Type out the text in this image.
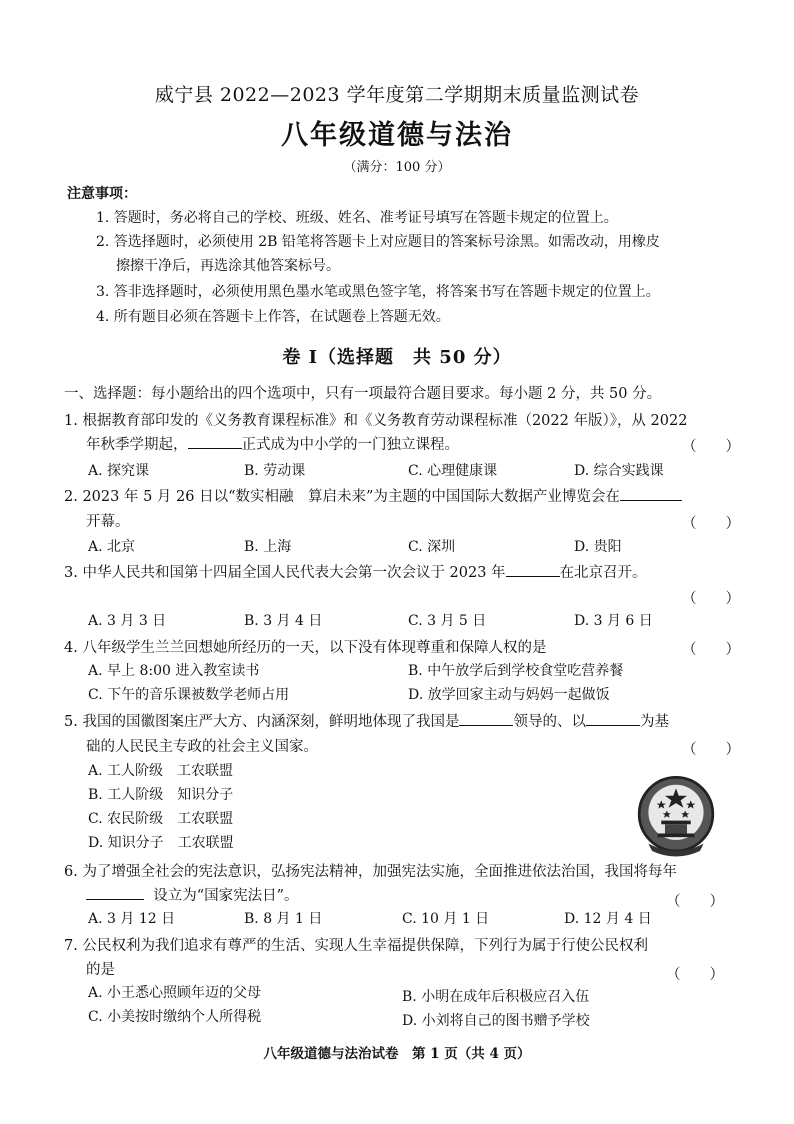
威宁县 2022—2023 学年度第二学期期末质量监测试卷
八年级道德与法治
（满分：100 分）
注意事项：
1. 答题时，务必将自己的学校、班级、姓名、准考证号填写在答题卡规定的位置上。
2. 答选择题时，必须使用 2B 铅笔将答题卡上对应题目的答案标号涂黑。如需改动，用橡皮
擦擦干净后，再选涂其他答案标号。
3. 答非选择题时，必须使用黑色墨水笔或黑色签字笔，将答案书写在答题卡规定的位置上。
4. 所有题目必须在答题卡上作答，在试题卷上答题无效。
卷 Ⅰ（选择题　共 50 分）
一、选择题：每小题给出的四个选项中，只有一项最符合题目要求。每小题 2 分，共 50 分。
1. 根据教育部印发的《义务教育课程标准》和《义务教育劳动课程标准（2022 年版）》，从 2022
年秋季学期起，	正式成为中小学的一门独立课程。	（　　）
A. 探究课	B. 劳动课	C. 心理健康课	D. 综合实践课
2. 2023 年 5 月 26 日以“数实相融　算启未来”为主题的中国国际大数据产业博览会在
开幕。	（　　）
A. 北京	B. 上海	C. 深圳	D. 贵阳
3. 中华人民共和国第十四届全国人民代表大会第一次会议于 2023 年	在北京召开。
（　　）
A. 3 月 3 日	B. 3 月 4 日	C. 3 月 5 日	D. 3 月 6 日
4. 八年级学生兰兰回想她所经历的一天，以下没有体现尊重和保障人权的是	（　　）
A. 早上 8:00 进入教室读书	B. 中午放学后到学校食堂吃营养餐
C. 下午的音乐课被数学老师占用	D. 放学回家主动与妈妈一起做饭
5. 我国的国徽图案庄严大方、内涵深刻，鲜明地体现了我国是	领导的、以	为基
础的人民民主专政的社会主义国家。	（　　）
A. 工人阶级　工农联盟
B. 工人阶级　知识分子
C. 农民阶级　工农联盟
D. 知识分子　工农联盟
6. 为了增强全社会的宪法意识，弘扬宪法精神，加强宪法实施，全面推进依法治国，我国将每年
设立为“国家宪法日”。	（　　）
A. 3 月 12 日	B. 8 月 1 日	C. 10 月 1 日	D. 12 月 4 日
7. 公民权利为我们追求有尊严的生活、实现人生幸福提供保障，下列行为属于行使公民权利
的是	（　　）
A. 小王悉心照顾年迈的父母	B. 小明在成年后积极应召入伍
C. 小美按时缴纳个人所得税	D. 小刘将自己的图书赠予学校
八年级道德与法治试卷　第 1 页（共 4 页）
